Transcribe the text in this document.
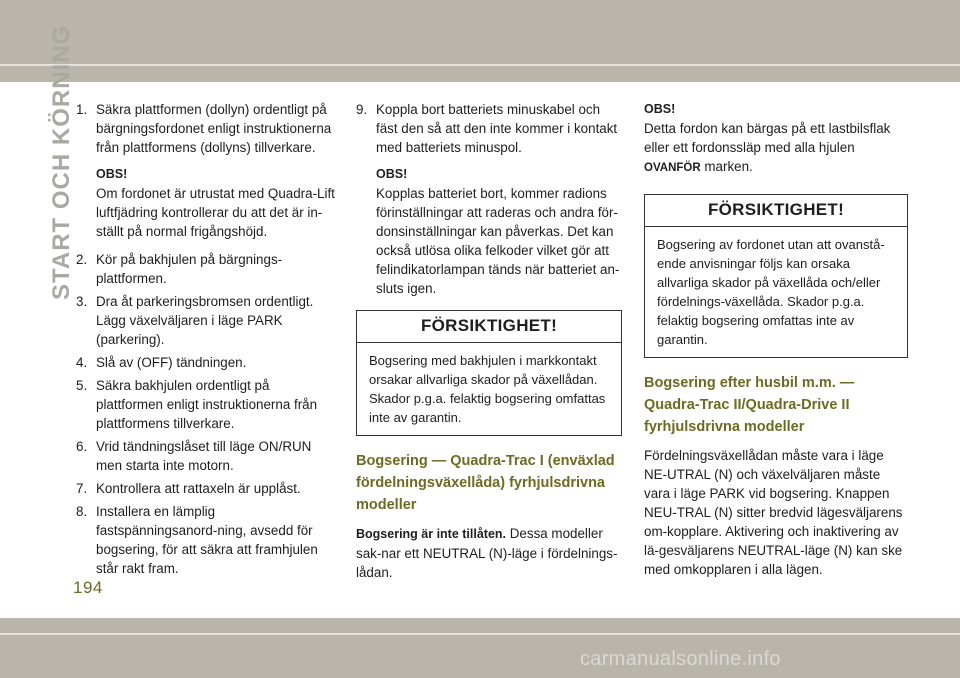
START OCH KÖRNING 1. Säkra plattformen (dollyn) ordentligt på bärgningsfordonet enligt instruktionerna från plattformens (dollyns) tillverkare.
OBS!

Om fordonet är utrustat med Quadra-Lift luftfjädring kontrollerar du att det är in-ställt på normal frigångshöjd.

2. Kör på bakhjulen på bärgnings-plattformen.
3. Dra åt parkeringsbromsen ordentligt. Lägg växelväljaren i läge PARK (parkering).
4. Slå av (OFF) tändningen.
5. Säkra bakhjulen ordentligt på plattformen enligt instruktionerna från plattformens tillverkare.
6. Vrid tändningslåset till läge ON/RUN men starta inte motorn.
7. Kontrollera att rattaxeln är upplåst.
8. Installera en lämplig fastspänningsanord-ning, avsedd för bogsering, för att säkra att framhjulen står rakt fram.
9. Koppla bort batteriets minuskabel och fäst den så att den inte kommer i kontakt med batteriets minuspol.
OBS!

Kopplas batteriet bort, kommer radions förinställningar att raderas och andra för-donsinställningar kan påverkas. Det kan också utlösa olika felkoder vilket gör att felindikatorlampan tänds när batteriet an-sluts igen.

FÖRSIKTIGHET!
Bogsering med bakhjulen i markkontakt orsakar allvarliga skador på växellådan. Skador p.g.a. felaktig bogsering omfattas inte av garantin.
Bogsering — Quadra-Trac I (enväxlad fördelningsväxellåda) fyrhjulsdrivna modeller

Bogsering är inte tillåten. Dessa modeller sak-nar ett NEUTRAL (N)-läge i fördelnings-lådan.

OBS!

Detta fordon kan bärgas på ett lastbilsflak eller ett fordonssläp med alla hjulen OVANFÖR marken.

FÖRSIKTIGHET!
Bogsering av fordonet utan att ovanstå-ende anvisningar följs kan orsaka allvarliga skador på växellåda och/eller fördelnings-växellåda. Skador p.g.a. felaktig bogsering omfattas inte av garantin.
Bogsering efter husbil m.m. — Quadra-Trac II/Quadra-Drive II fyrhjulsdrivna modeller

Fördelningsväxellådan måste vara i läge NE-UTRAL (N) och växelväljaren måste vara i läge PARK vid bogsering. Knappen NEU-TRAL (N) sitter bredvid lägesväljarens om-kopplare. Aktivering och inaktivering av lä-gesväljarens NEUTRAL-läge (N) kan ske med omkopplaren i alla lägen.

194
carmanualsonline.info
